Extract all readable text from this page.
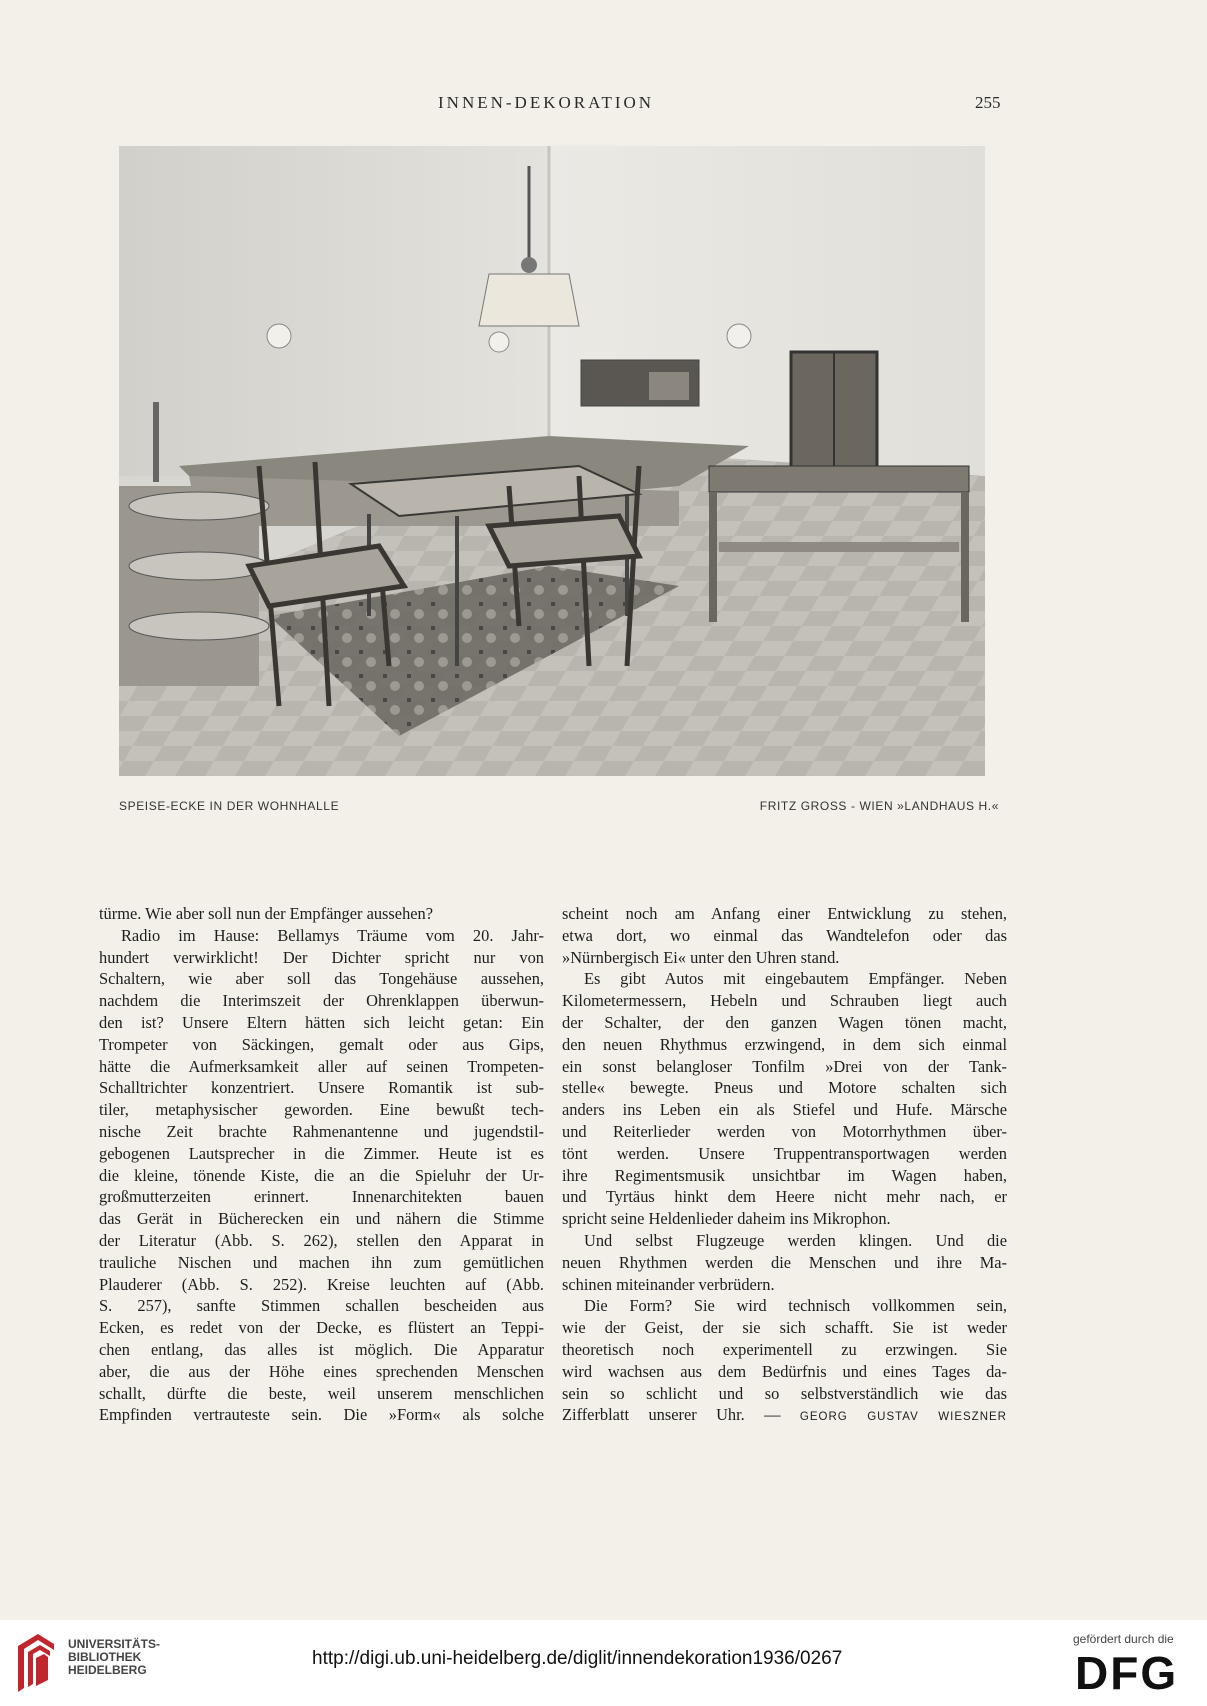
INNEN-DEKORATION	255
SPEISE-ECKE IN DER WOHNHALLE	FRITZ GROSS - WIEN »LANDHAUS H.«

türme. Wie aber soll nun der Empfänger aussehen?

Radio im Hause: Bellamys Träume vom 20. Jahr-
hundert verwirklicht! Der Dichter spricht nur von
Schaltern, wie aber soll das Tongehäuse aussehen,
nachdem die Interimszeit der Ohrenklappen überwun-
den ist? Unsere Eltern hätten sich leicht getan: Ein
Trompeter von Säckingen, gemalt oder aus Gips,
hätte die Aufmerksamkeit aller auf seinen Trompeten-
Schalltrichter konzentriert. Unsere Romantik ist sub-
tiler, metaphysischer geworden. Eine bewußt tech-
nische Zeit brachte Rahmenantenne und jugendstil-
gebogenen Lautsprecher in die Zimmer. Heute ist es
die kleine, tönende Kiste, die an die Spieluhr der Ur-
großmutterzeiten erinnert. Innenarchitekten bauen
das Gerät in Bücherecken ein und nähern die Stimme
der Literatur (Abb. S. 262), stellen den Apparat in
trauliche Nischen und machen ihn zum gemütlichen
Plauderer (Abb. S. 252). Kreise leuchten auf (Abb.
S. 257), sanfte Stimmen schallen bescheiden aus
Ecken, es redet von der Decke, es flüstert an Teppi-
chen entlang, das alles ist möglich. Die Apparatur
aber, die aus der Höhe eines sprechenden Menschen
schallt, dürfte die beste, weil unserem menschlichen
Empfinden vertrauteste sein. Die »Form« als solche

scheint noch am Anfang einer Entwicklung zu stehen,
etwa dort, wo einmal das Wandtelefon oder das
»Nürnbergisch Ei« unter den Uhren stand.

Es gibt Autos mit eingebautem Empfänger. Neben
Kilometermessern, Hebeln und Schrauben liegt auch
der Schalter, der den ganzen Wagen tönen macht,
den neuen Rhythmus erzwingend, in dem sich einmal
ein sonst belangloser Tonfilm »Drei von der Tank-
stelle« bewegte. Pneus und Motore schalten sich
anders ins Leben ein als Stiefel und Hufe. Märsche
und Reiterlieder werden von Motorrhythmen über-
tönt werden. Unsere Truppentransportwagen werden
ihre Regimentsmusik unsichtbar im Wagen haben,
und Tyrtäus hinkt dem Heere nicht mehr nach, er
spricht seine Heldenlieder daheim ins Mikrophon.

Und selbst Flugzeuge werden klingen. Und die
neuen Rhythmen werden die Menschen und ihre Ma-
schinen miteinander verbrüdern.

Die Form? Sie wird technisch vollkommen sein,
wie der Geist, der sie sich schafft. Sie ist weder
theoretisch noch experimentell zu erzwingen. Sie
wird wachsen aus dem Bedürfnis und eines Tages da-
sein so schlicht und so selbstverständlich wie das
Zifferblatt unserer Uhr. — GEORG GUSTAV WIESZNER

UNIVERSITÄTS-
BIBLIOTHEK
HEIDELBERG
http://digi.ub.uni-heidelberg.de/diglit/innendekoration1936/0267
gefördert durch die
DFG
